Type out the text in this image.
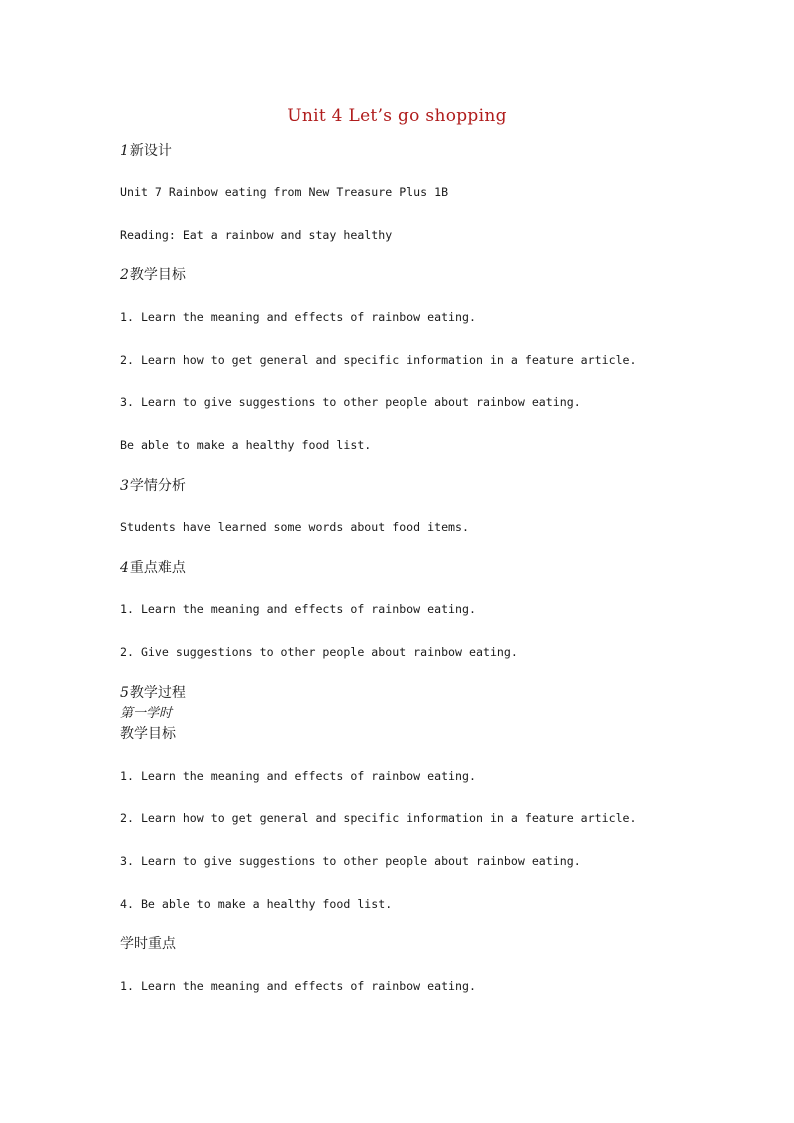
Unit 4 Let’s go shopping
1新设计
Unit 7 Rainbow eating from New Treasure Plus 1B
Reading: Eat a rainbow and stay healthy
2教学目标
1. Learn the meaning and effects of rainbow eating.
2. Learn how to get general and specific information in a feature article.
3. Learn to give suggestions to other people about rainbow eating.
Be able to make a healthy food list.
3学情分析
Students have learned some words about food items.
4重点难点
1. Learn the meaning and effects of rainbow eating.
2. Give suggestions to other people about rainbow eating.
5教学过程
第一学时
教学目标
1. Learn the meaning and effects of rainbow eating.
2. Learn how to get general and specific information in a feature article.
3. Learn to give suggestions to other people about rainbow eating.
4. Be able to make a healthy food list.
学时重点
1. Learn the meaning and effects of rainbow eating.
